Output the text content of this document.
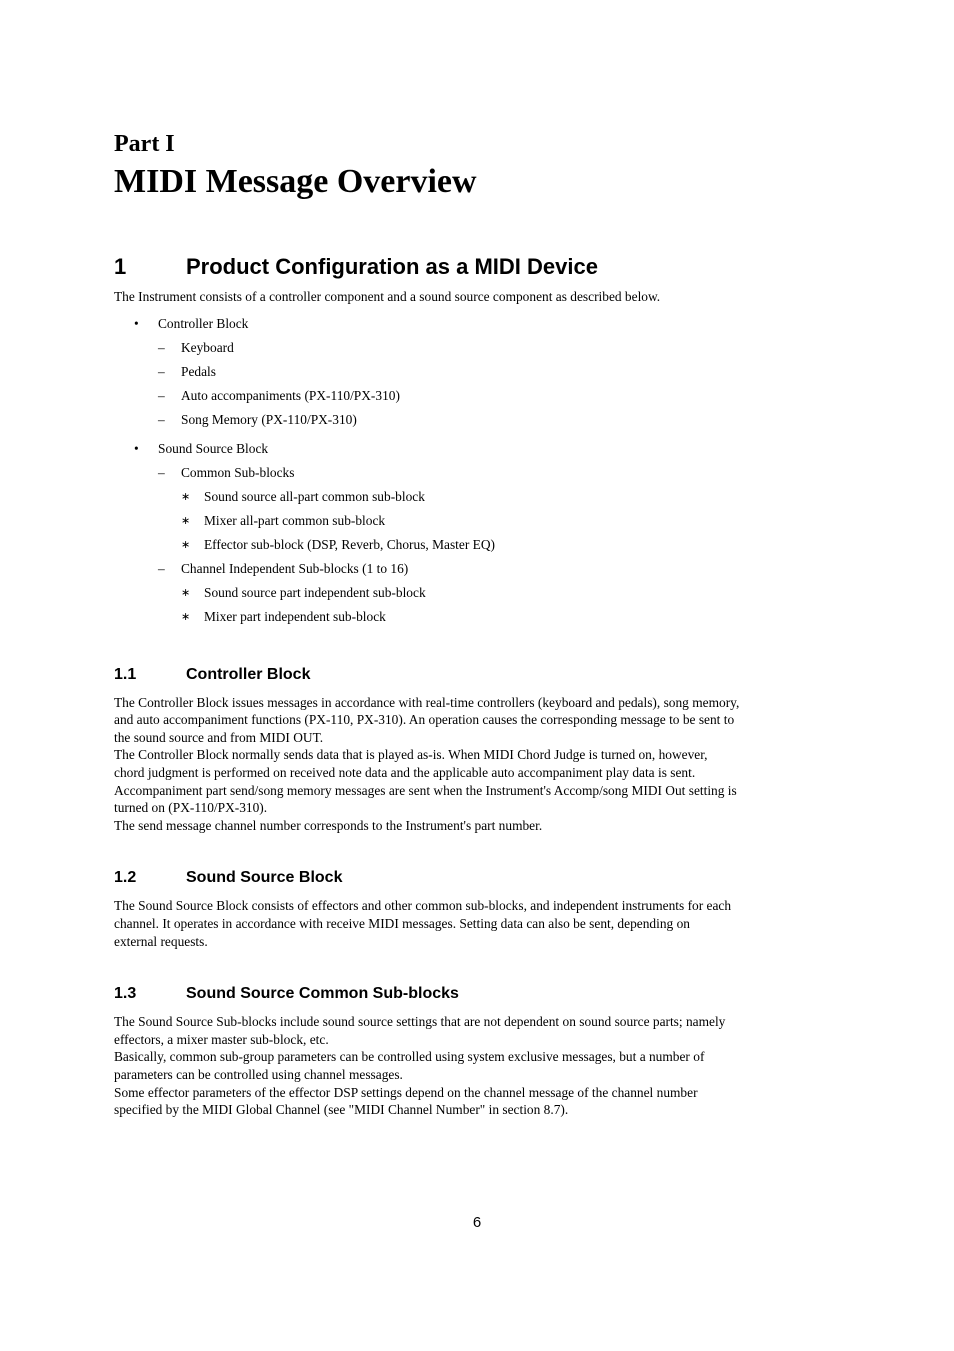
Part I
MIDI Message Overview
1	Product Configuration as a MIDI Device

The Instrument consists of a controller component and a sound source component as described below.

• Controller Block
– Keyboard
– Pedals
– Auto accompaniments (PX-110/PX-310)
– Song Memory (PX-110/PX-310)
• Sound Source Block
– Common Sub-blocks
∗ Sound source all-part common sub-block
∗ Mixer all-part common sub-block
∗ Effector sub-block (DSP, Reverb, Chorus, Master EQ)
– Channel Independent Sub-blocks (1 to 16)
∗ Sound source part independent sub-block
∗ Mixer part independent sub-block
1.1	Controller Block

The Controller Block issues messages in accordance with real-time controllers (keyboard and pedals), song memory,

and auto accompaniment functions (PX-110, PX-310). An operation causes the corresponding message to be sent to

the sound source and from MIDI OUT.

The Controller Block normally sends data that is played as-is. When MIDI Chord Judge is turned on, however,

chord judgment is performed on received note data and the applicable auto accompaniment play data is sent.

Accompaniment part send/song memory messages are sent when the Instrument's Accomp/song MIDI Out setting is

turned on (PX-110/PX-310).

The send message channel number corresponds to the Instrument's part number.

1.2	Sound Source Block

The Sound Source Block consists of effectors and other common sub-blocks, and independent instruments for each

channel. It operates in accordance with receive MIDI messages. Setting data can also be sent, depending on

external requests.

1.3	Sound Source Common Sub-blocks

The Sound Source Sub-blocks include sound source settings that are not dependent on sound source parts; namely

effectors, a mixer master sub-block, etc.

Basically, common sub-group parameters can be controlled using system exclusive messages, but a number of

parameters can be controlled using channel messages.

Some effector parameters of the effector DSP settings depend on the channel message of the channel number

specified by the MIDI Global Channel (see "MIDI Channel Number" in section 8.7).

6
